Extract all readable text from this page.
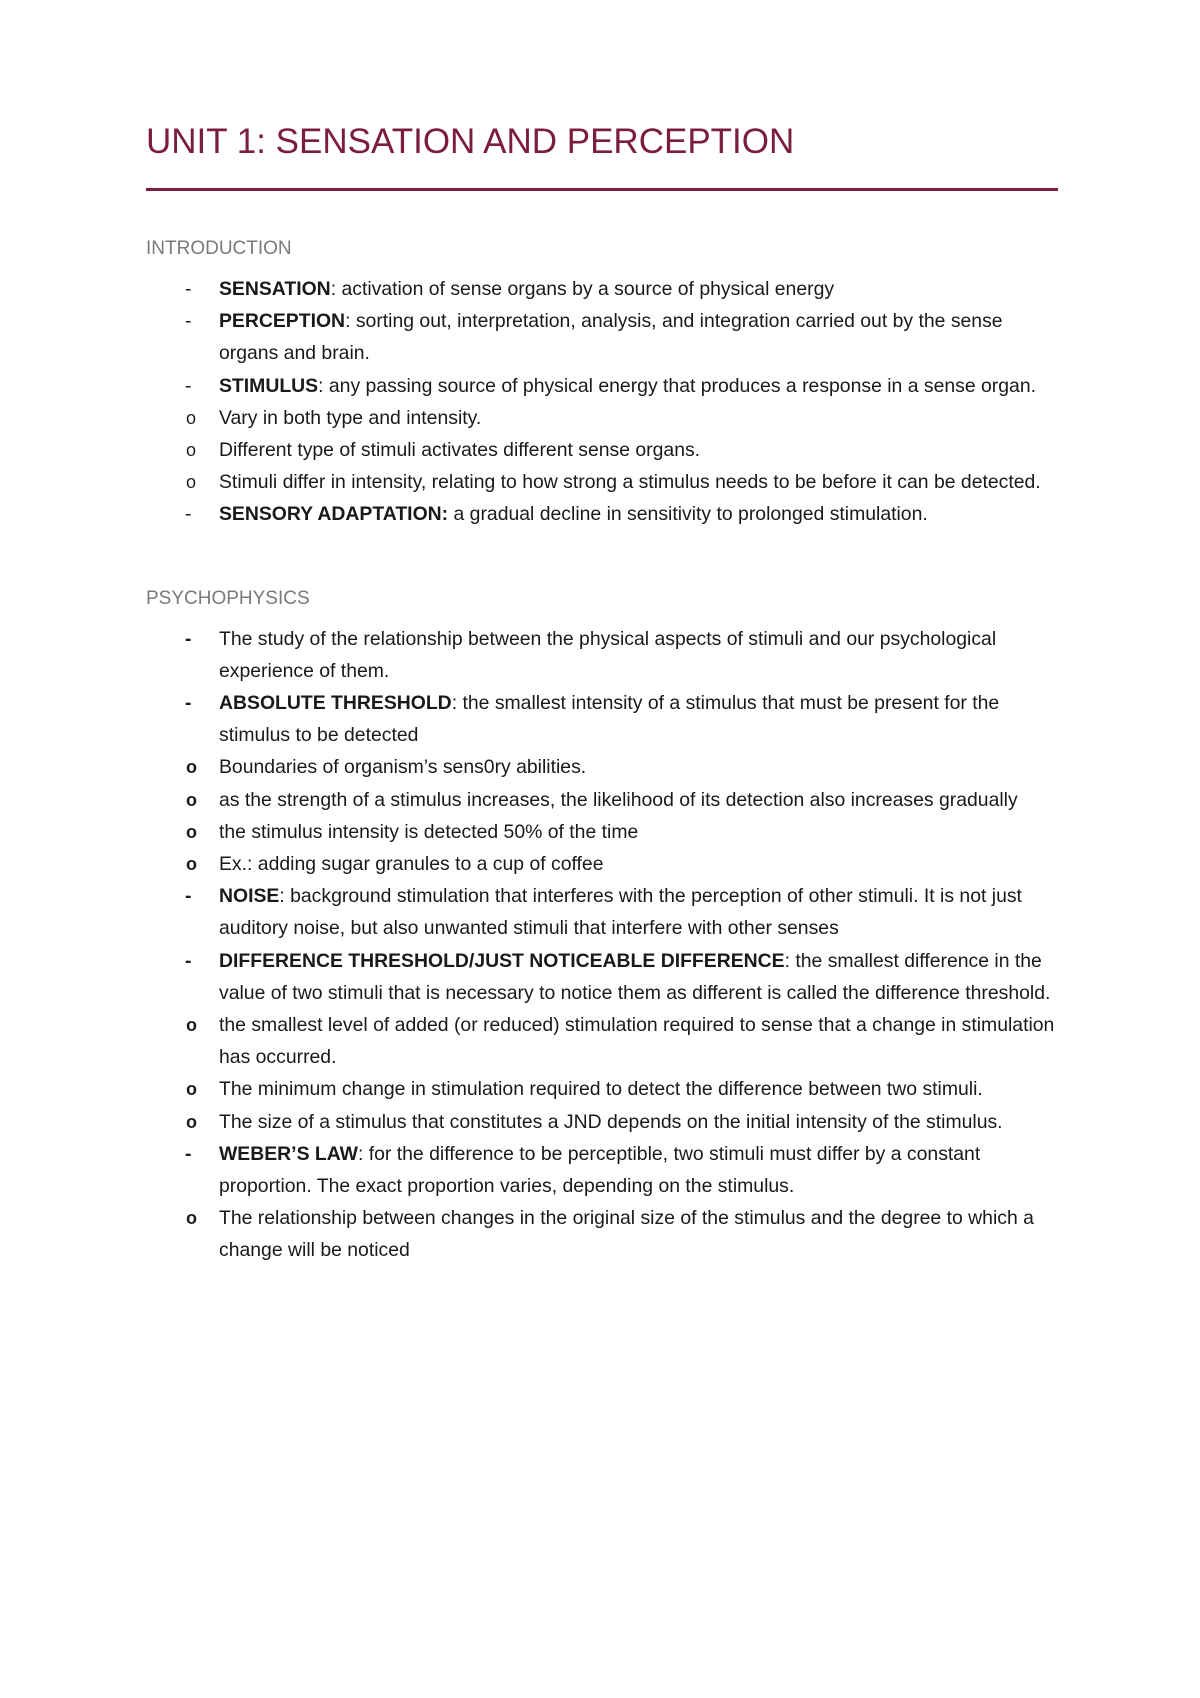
UNIT 1: SENSATION AND PERCEPTION
INTRODUCTION
-	SENSATION: activation of sense organs by a source of physical energy
-	PERCEPTION: sorting out, interpretation, analysis, and integration carried out by the sense organs and brain.
-	STIMULUS: any passing source of physical energy that produces a response in a sense organ.
o Vary in both type and intensity.
o Different type of stimuli activates different sense organs.
o Stimuli differ in intensity, relating to how strong a stimulus needs to be before it can be detected.
-	SENSORY ADAPTATION: a gradual decline in sensitivity to prolonged stimulation.
PSYCHOPHYSICS
-	The study of the relationship between the physical aspects of stimuli and our psychological experience of them.
-	ABSOLUTE THRESHOLD: the smallest intensity of a stimulus that must be present for the stimulus to be detected
o Boundaries of organism’s sens0ry abilities.
o as the strength of a stimulus increases, the likelihood of its detection also increases gradually
o the stimulus intensity is detected 50% of the time
o Ex.: adding sugar granules to a cup of coffee
-	NOISE: background stimulation that interferes with the perception of other stimuli. It is not just auditory noise, but also unwanted stimuli that interfere with other senses
-	DIFFERENCE THRESHOLD/JUST NOTICEABLE DIFFERENCE: the smallest difference in the value of two stimuli that is necessary to notice them as different is called the difference threshold.
o the smallest level of added (or reduced) stimulation required to sense that a change in stimulation has occurred.
o The minimum change in stimulation required to detect the difference between two stimuli.
o The size of a stimulus that constitutes a JND depends on the initial intensity of the stimulus.
-	WEBER’S LAW: for the difference to be perceptible, two stimuli must differ by a constant proportion. The exact proportion varies, depending on the stimulus.
o The relationship between changes in the original size of the stimulus and the degree to which a change will be noticed
